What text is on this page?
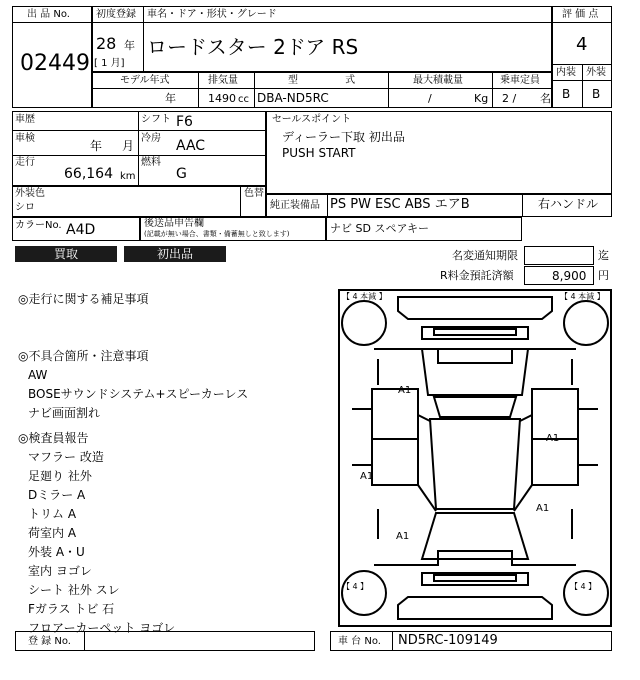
出 品 No.
02449
初度登録 車名・ドア・形状・グレード
28 年
[ 1 月]
ロードスター 2ドア RS
評 価 点
4
内装 外装
B B
モデル年式	排気量	型 式	最大積載量	乗車定員
年	1490 cc DBA-ND5RC	/	Kg 2 / 名
車歴
車検
年 月
走行
66,164 km
シフト F6
冷房 AAC
燃料
G
セールスポイント
ディーラー下取 初出品
PUSH START
外装色
シロ
色替
純正装備品 PS PW ESC ABS エアB	右ハンドル
カラーNo. A4D	後送品申告欄
(記載が無い場合、書類・備蓄無しと致します)	ナビ SD スペアキー
買取	初出品	名変通知期限	迄
R料金預託済額	8,900 円
◎走行に関する補足事項
◎不具合箇所・注意事項
AW
BOSEサウンドシステム+スピーカーレス
ナビ画面割れ
◎検査員報告
マフラー 改造
足廻り 社外
Dミラー A
トリム A
荷室内 A
外装 A・U
室内 ヨゴレ
シート 社外 スレ
Fガラス トビ 石
フロアーカーペット ヨゴレ
【 4 本減 】	【 4 本減 】
【 4 】	【 4 】
A1
A1
A1
A1
A1
登 録 No.	車 台 No. ND5RC-109149
